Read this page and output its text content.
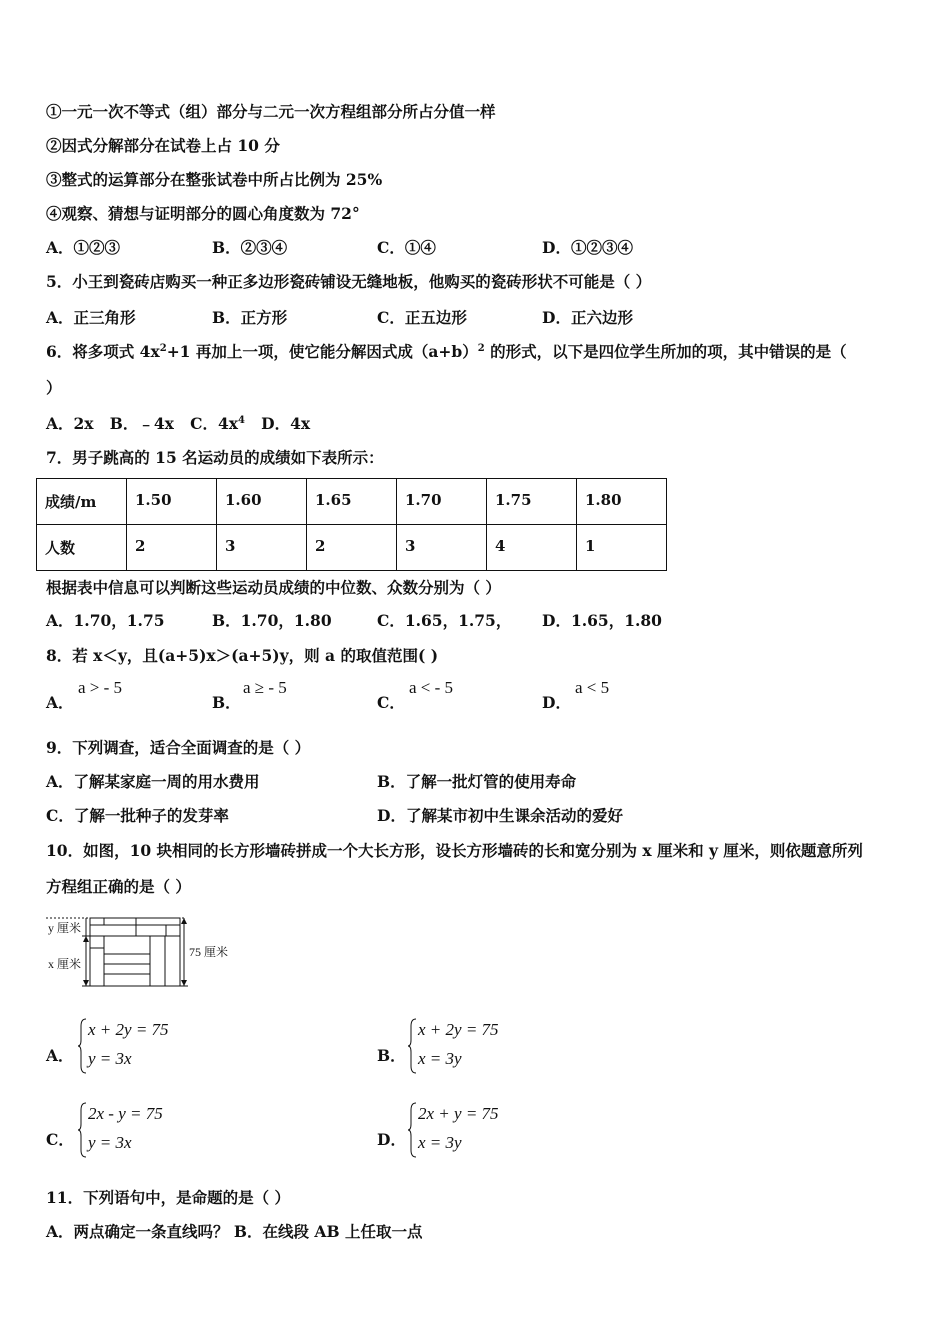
①一元一次不等式（组）部分与二元一次方程组部分所占分值一样
②因式分解部分在试卷上占 10 分
③整式的运算部分在整张试卷中所占比例为 25%
④观察、猜想与证明部分的圆心角度数为 72°
A．①②③	B．②③④	C．①④	D．①②③④
5．小王到瓷砖店购买一种正多边形瓷砖铺设无缝地板，他购买的瓷砖形状不可能是（ ）
A．正三角形	B．正方形	C．正五边形	D．正六边形
6．将多项式 $4x^2+1$ 再加上一项，使它能分解因式成$(a+b)^2$ 的形式，以下是四位学生所加的项，其中错误的是（
）
A．2x B．﹣4x C．$4x^4$ D．4x
7．男子跳高的 15 名运动员的成绩如下表所示：
成绩/m	1.50	1.60	1.65	1.70	1.75	1.80
人数	2	3	2	3	4	1
根据表中信息可以判断这些运动员成绩的中位数、众数分别为（ ）
A．1.70，1.75	B．1.70，1.80	C．1.65，1.75， D．1.65，1.80
8．若 x＜y，且(a+5)x＞(a+5)y，则 a 的取值范围( )
A．
a > - 5
B．
a ≥ - 5
C．
a < - 5
D．
a < 5
9．下列调查，适合全面调查的是（ ）
A．了解某家庭一周的用水费用	B．了解一批灯管的使用寿命
C．了解一批种子的发芽率	D．了解某市初中生课余活动的爱好
10．如图，10 块相同的长方形墙砖拼成一个大长方形，设长方形墙砖的长和宽分别为 x 厘米和 y 厘米，则依题意所列
方程组正确的是（ ）
y 厘米
x 厘米
75 厘米
A．
x + 2y = 75
y = 3x	B．
x + 2y = 75
x = 3y
C．
2x - y = 75
y = 3x	D．
2x + y = 75
x = 3y
11．下列语句中，是命题的是（ ）
A．两点确定一条直线吗？ B．在线段 AB 上任取一点
